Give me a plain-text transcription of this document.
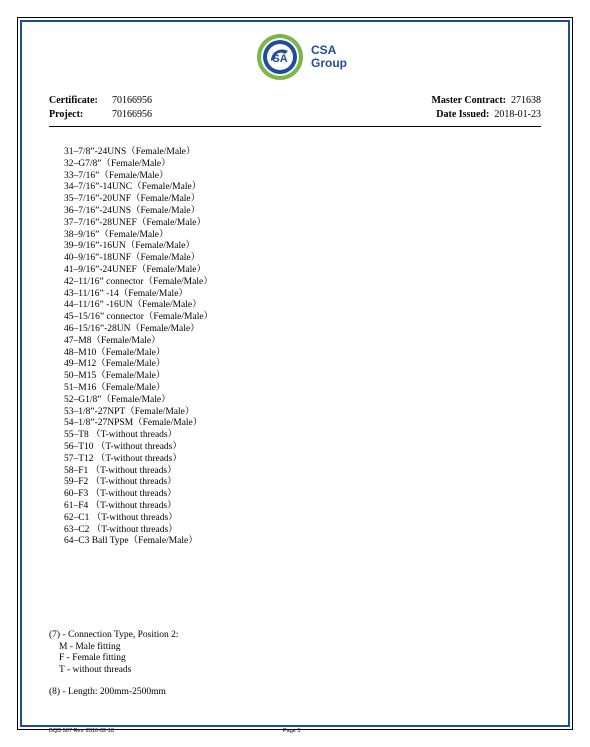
SA
CSA
Group
Certificate: 70166956
Project:	70166956
Master Contract: 271638
Date Issued: 2018-01-23
31–7/8”-24UNS（Female/Male）
32–G7/8”（Female/Male）
33–7/16”（Female/Male）
34–7/16”-14UNC（Female/Male）
35–7/16”-20UNF（Female/Male）
36–7/16”-24UNS（Female/Male）
37–7/16”-28UNEF（Female/Male）
38–9/16”（Female/Male）
39–9/16”-16UN（Female/Male）
40–9/16”-18UNF（Female/Male）
41–9/16”-24UNEF（Female/Male）
42–11/16” connector（Female/Male）
43–11/16” -14（Female/Male）
44–11/16” -16UN（Female/Male）
45–15/16” connector（Female/Male）
46–15/16”-28UN（Female/Male）
47–M8（Female/Male）
48–M10（Female/Male）
49–M12（Female/Male）
50–M15（Female/Male）
51–M16（Female/Male）
52–G1/8”（Female/Male）
53–1/8”-27NPT（Female/Male）
54–1/8”-27NPSM（Female/Male）
55–T8 （T-without threads）
56–T10 （T-without threads）
57–T12 （T-without threads）
58–F1 （T-without threads）
59–F2 （T-without threads）
60–F3 （T-without threads）
61–F4 （T-without threads）
62–C1 （T-without threads）
63–C2 （T-without threads）
64–C3 Ball Type（Female/Male）
(7) - Connection Type, Position 2:
M - Male fitting
F - Female fitting
T - without threads
(8) - Length: 200mm-2500mm
DQD 507 Rev. 2016-02-18	Page 5
